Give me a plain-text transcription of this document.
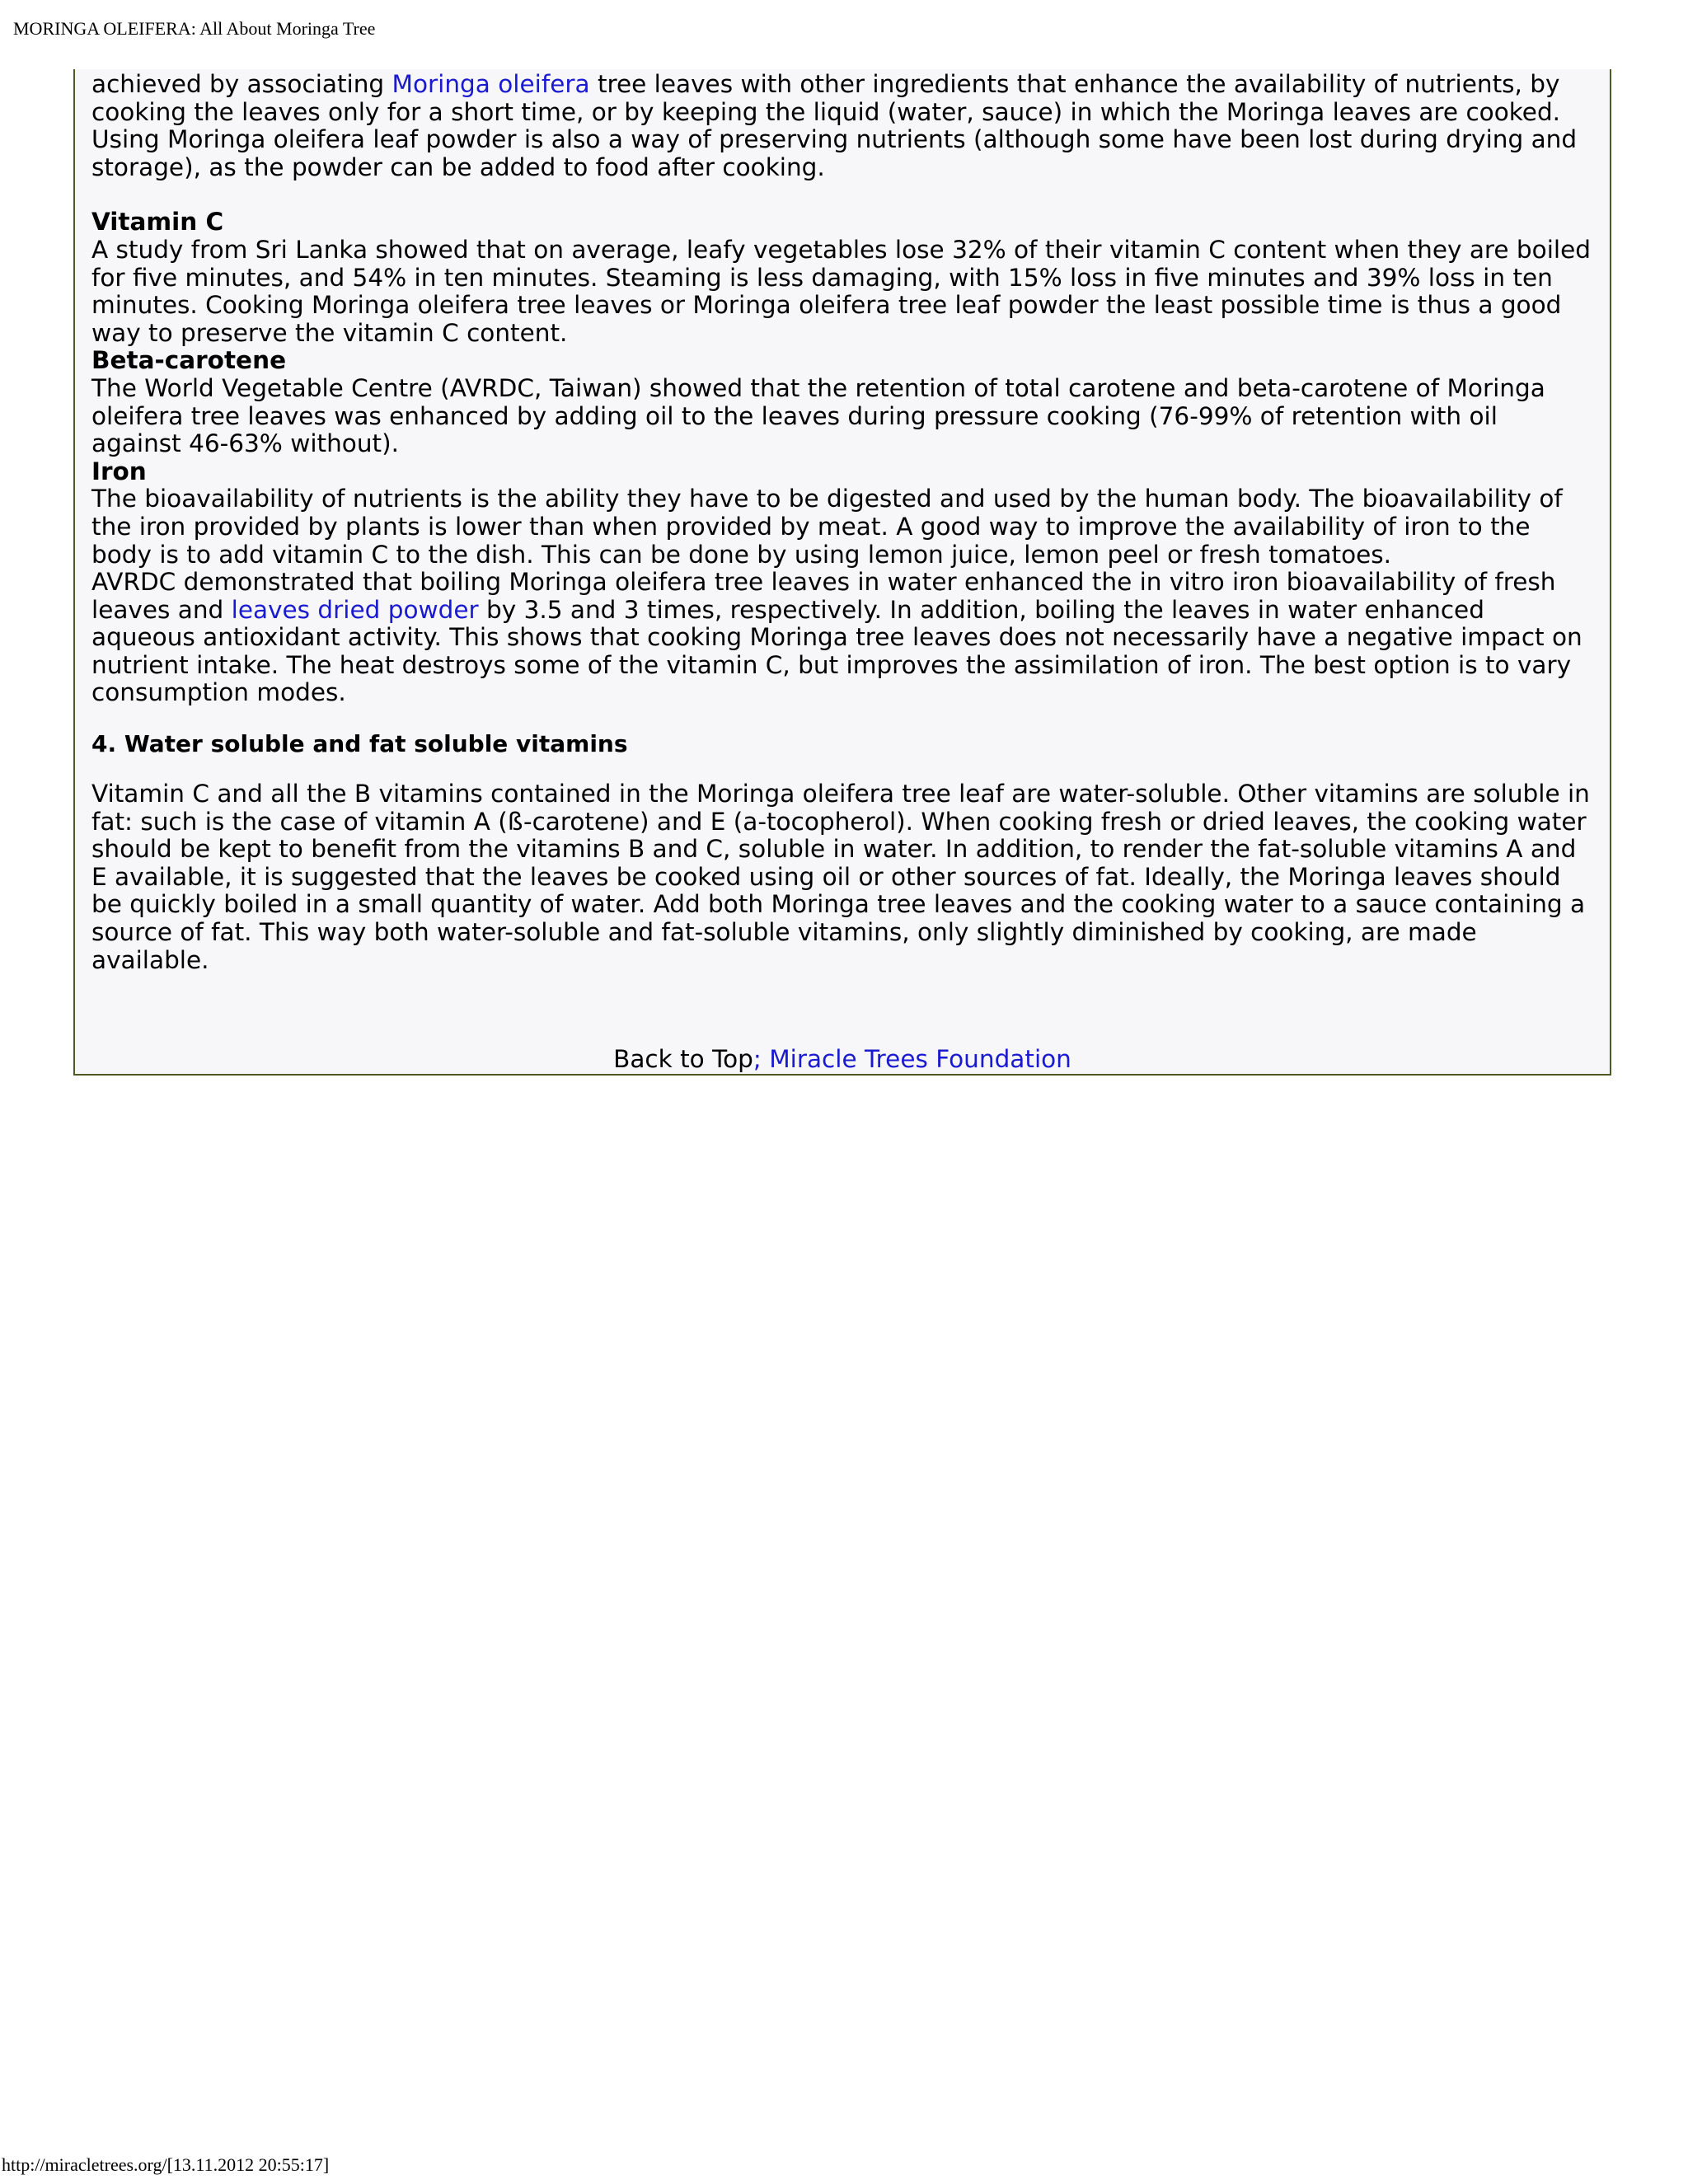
MORINGA OLEIFERA: All About Moringa Tree

achieved by associating Moringa oleifera tree leaves with other ingredients that enhance the availability of nutrients, by cooking the leaves only for a short time, or by keeping the liquid (water, sauce) in which the Moringa leaves are cooked. Using Moringa oleifera leaf powder is also a way of preserving nutrients (although some have been lost during drying and storage), as the powder can be added to food after cooking.

Vitamin C

A study from Sri Lanka showed that on average, leafy vegetables lose 32% of their vitamin C content when they are boiled for five minutes, and 54% in ten minutes. Steaming is less damaging, with 15% loss in five minutes and 39% loss in ten minutes. Cooking Moringa oleifera tree leaves or Moringa oleifera tree leaf powder the least possible time is thus a good way to preserve the vitamin C content.

Beta-carotene

The World Vegetable Centre (AVRDC, Taiwan) showed that the retention of total carotene and beta-carotene of Moringa oleifera tree leaves was enhanced by adding oil to the leaves during pressure cooking (76-99% of retention with oil against 46-63% without).

Iron

The bioavailability of nutrients is the ability they have to be digested and used by the human body. The bioavailability of the iron provided by plants is lower than when provided by meat. A good way to improve the availability of iron to the body is to add vitamin C to the dish. This can be done by using lemon juice, lemon peel or fresh tomatoes.

AVRDC demonstrated that boiling Moringa oleifera tree leaves in water enhanced the in vitro iron bioavailability of fresh leaves and leaves dried powder by 3.5 and 3 times, respectively. In addition, boiling the leaves in water enhanced aqueous antioxidant activity. This shows that cooking Moringa tree leaves does not necessarily have a negative impact on nutrient intake. The heat destroys some of the vitamin C, but improves the assimilation of iron. The best option is to vary consumption modes.

4. Water soluble and fat soluble vitamins

Vitamin C and all the B vitamins contained in the Moringa oleifera tree leaf are water-soluble. Other vitamins are soluble in fat: such is the case of vitamin A (ß-carotene) and E (a-tocopherol). When cooking fresh or dried leaves, the cooking water should be kept to benefit from the vitamins B and C, soluble in water. In addition, to render the fat-soluble vitamins A and E available, it is suggested that the leaves be cooked using oil or other sources of fat. Ideally, the Moringa leaves should be quickly boiled in a small quantity of water. Add both Moringa tree leaves and the cooking water to a sauce containing a source of fat. This way both water-soluble and fat-soluble vitamins, only slightly diminished by cooking, are made available.

Back to Top; Miracle Trees Foundation
http://miracletrees.org/[13.11.2012 20:55:17]
